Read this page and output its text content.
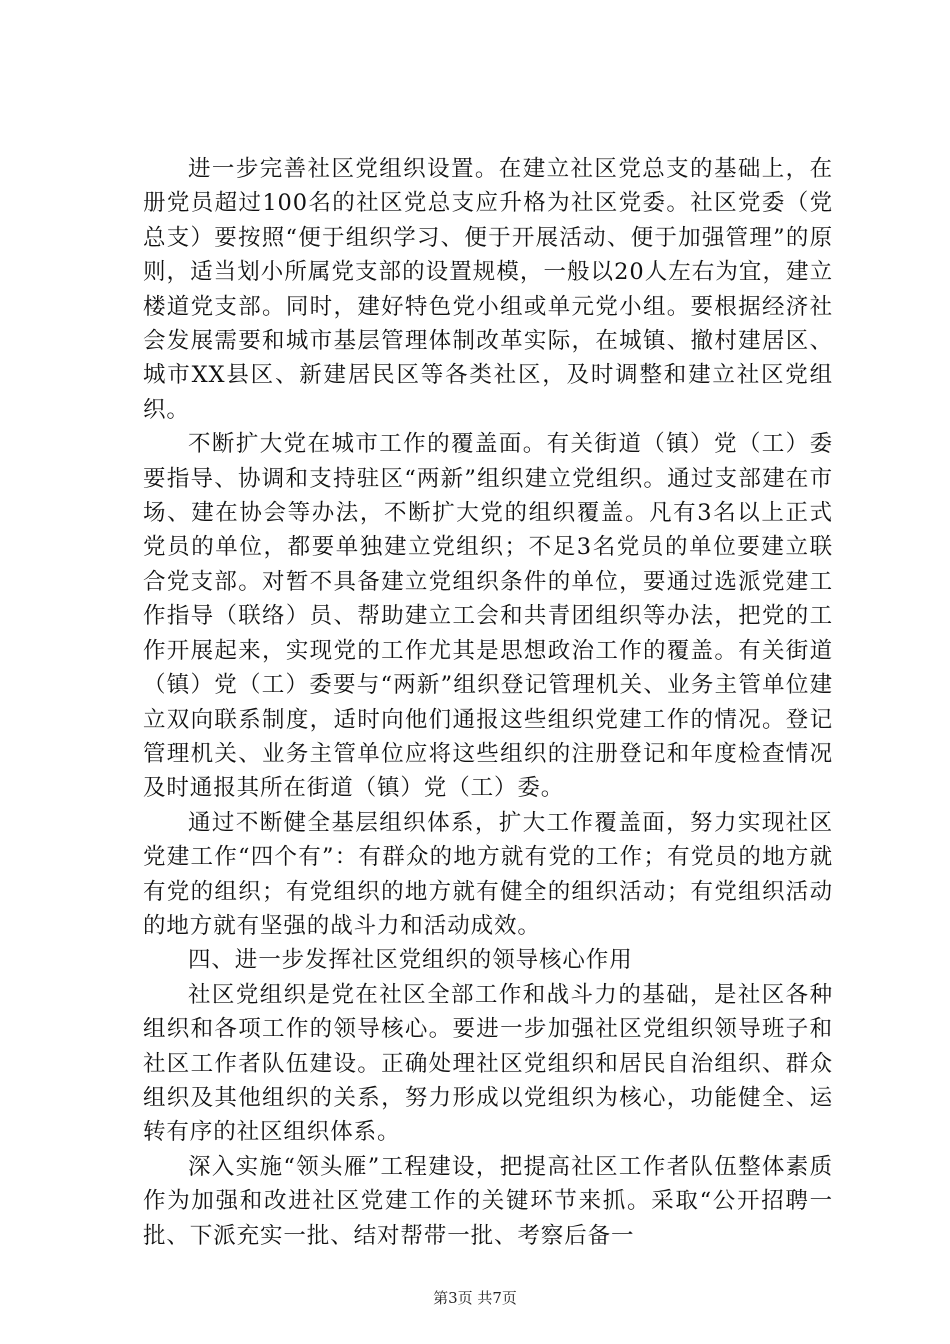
进一步完善社区党组织设置。在建立社区党总支的基础上，在册党员超过100名的社区党总支应升格为社区党委。社区党委（党总支）要按照“便于组织学习、便于开展活动、便于加强管理”的原则，适当划小所属党支部的设置规模，一般以20人左右为宜，建立楼道党支部。同时，建好特色党小组或单元党小组。要根据经济社会发展需要和城市基层管理体制改革实际，在城镇、撤村建居区、城市XX县区、新建居民区等各类社区，及时调整和建立社区党组织。

不断扩大党在城市工作的覆盖面。有关街道（镇）党（工）委要指导、协调和支持驻区“两新”组织建立党组织。通过支部建在市场、建在协会等办法，不断扩大党的组织覆盖。凡有3名以上正式党员的单位，都要单独建立党组织；不足3名党员的单位要建立联合党支部。对暂不具备建立党组织条件的单位，要通过选派党建工作指导（联络）员、帮助建立工会和共青团组织等办法，把党的工作开展起来，实现党的工作尤其是思想政治工作的覆盖。有关街道（镇）党（工）委要与“两新”组织登记管理机关、业务主管单位建立双向联系制度，适时向他们通报这些组织党建工作的情况。登记管理机关、业务主管单位应将这些组织的注册登记和年度检查情况及时通报其所在街道（镇）党（工）委。

通过不断健全基层组织体系，扩大工作覆盖面，努力实现社区党建工作“四个有”：有群众的地方就有党的工作；有党员的地方就有党的组织；有党组织的地方就有健全的组织活动；有党组织活动的地方就有坚强的战斗力和活动成效。

四、进一步发挥社区党组织的领导核心作用

社区党组织是党在社区全部工作和战斗力的基础，是社区各种组织和各项工作的领导核心。要进一步加强社区党组织领导班子和社区工作者队伍建设。正确处理社区党组织和居民自治组织、群众组织及其他组织的关系，努力形成以党组织为核心，功能健全、运转有序的社区组织体系。

深入实施“领头雁”工程建设，把提高社区工作者队伍整体素质作为加强和改进社区党建工作的关键环节来抓。采取“公开招聘一批、下派充实一批、结对帮带一批、考察后备一

第3页 共7页
